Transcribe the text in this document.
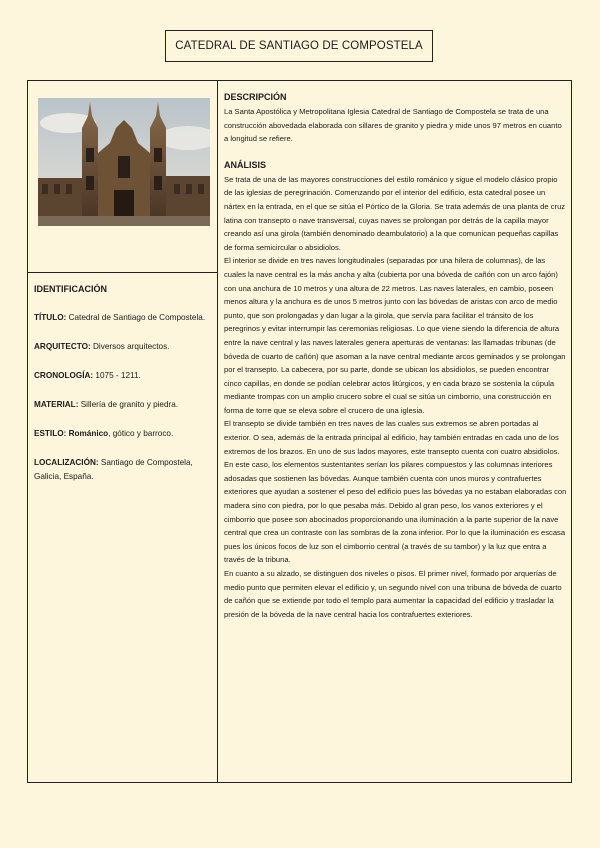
CATEDRAL DE SANTIAGO DE COMPOSTELA
IDENTIFICACIÓN
TÍTULO: Catedral de Santiago de Compostela.
ARQUITECTO: Diversos arquitectos.
CRONOLOGÍA: 1075 - 1211.
MATERIAL: Sillería de granito y piedra.
ESTILO: Románico, gótico y barroco.
LOCALIZACIÓN: Santiago de Compostela, Galicia, España.
DESCRIPCIÓN

La Santa Apostólica y Metropolitana Iglesia Catedral de Santiago de Compostela se trata de una construcción abovedada elaborada con sillares de granito y piedra y mide unos 97 metros en cuanto a longitud se refiere.

ANÁLISIS

Se trata de una de las mayores construcciones del estilo románico y sigue el modelo clásico propio de las iglesias de peregrinación. Comenzando por el interior del edificio, esta catedral posee un nártex en la entrada, en el que se sitúa el Pórtico de la Gloria. Se trata además de una planta de cruz latina con transepto o nave transversal, cuyas naves se prolongan por detrás de la capilla mayor creando así una girola (también denominado deambulatorio) a la que comunican pequeñas capillas de forma semicircular o absidiolos.

El interior se divide en tres naves longitudinales (separadas por una hilera de columnas), de las cuales la nave central es la más ancha y alta (cubierta por una bóveda de cañón con un arco fajón) con una anchura de 10 metros y una altura de 22 metros. Las naves laterales, en cambio, poseen menos altura y la anchura es de unos 5 metros junto con las bóvedas de aristas con arco de medio punto, que son prolongadas y dan lugar a la girola, que servía para facilitar el tránsito de los peregrinos y evitar interrumpir las ceremonias religiosas. Lo que viene siendo la diferencia de altura entre la nave central y las naves laterales genera aperturas de ventanas: las llamadas tribunas (de bóveda de cuarto de cañón) que asoman a la nave central mediante arcos geminados y se prolongan por el transepto. La cabecera, por su parte, donde se ubican los absidiolos, se pueden encontrar cinco capillas, en donde se podían celebrar actos litúrgicos, y en cada brazo se sostenía la cúpula mediante trompas con un amplio crucero sobre el cual se sitúa un cimborrio, una construcción en forma de torre que se eleva sobre el crucero de una iglesia.

El transepto se divide también en tres naves de las cuales sus extremos se abren portadas al exterior. O sea, además de la entrada principal al edificio, hay también entradas en cada uno de los extremos de los brazos. En uno de sus lados mayores, este transepto cuenta con cuatro absidiolos.

En este caso, los elementos sustentantes serían los pilares compuestos y las columnas interiores adosadas que sostienen las bóvedas. Aunque también cuenta con unos muros y contrafuertes exteriores que ayudan a sostener el peso del edificio pues las bóvedas ya no estaban elaboradas con madera sino con piedra, por lo que pesaba más. Debido al gran peso, los vanos exteriores y el cimborrio que posee son abocinados proporcionando una iluminación a la parte superior de la nave central que crea un contraste con las sombras de la zona inferior. Por lo que la iluminación es escasa pues los únicos focos de luz son el cimborrio central (a través de su tambor) y la luz que entra a través de la tribuna.

En cuanto a su alzado, se distinguen dos niveles o pisos. El primer nivel, formado por arquerías de medio punto que permiten elevar el edificio y, un segundo nivel con una tribuna de bóveda de cuarto de cañón que se extiende por todo el templo para aumentar la capacidad del edificio y trasladar la presión de la bóveda de la nave central hacia los contrafuertes exteriores.
